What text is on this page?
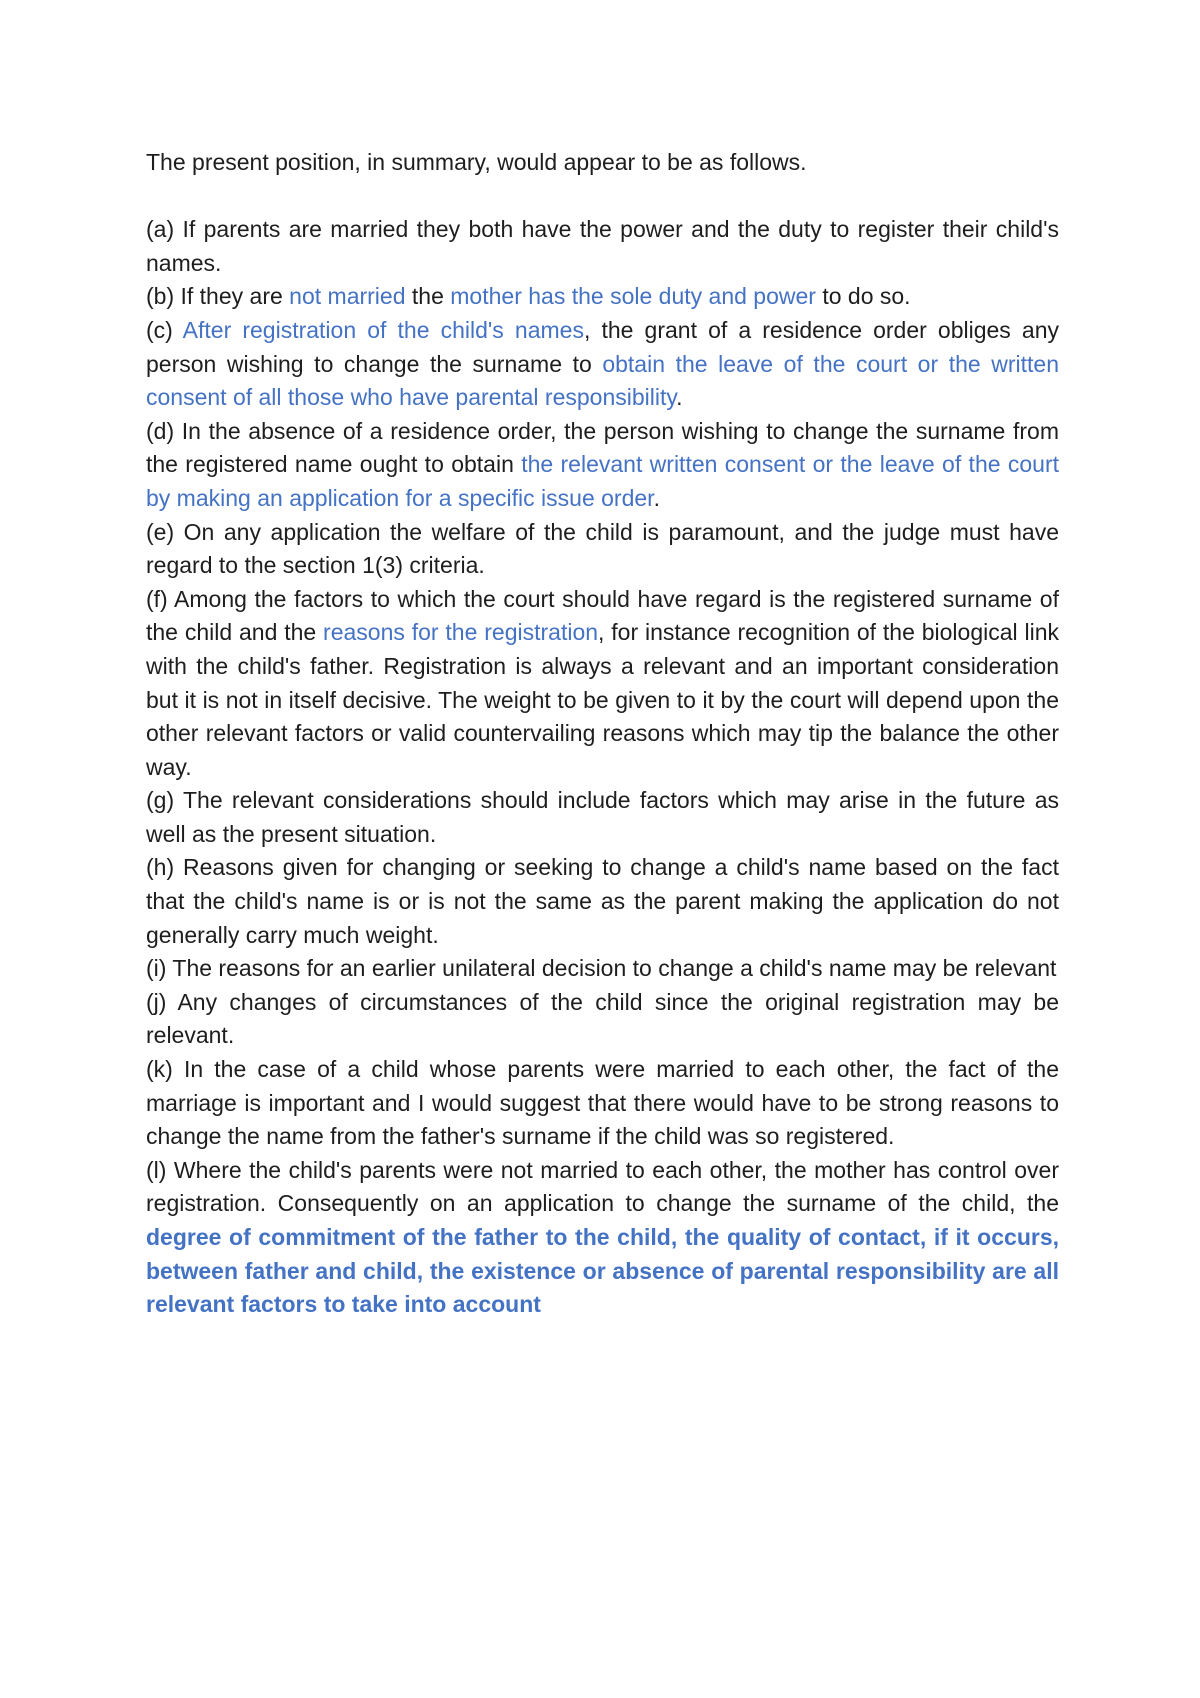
The present position, in summary, would appear to be as follows.

(a) If parents are married they both have the power and the duty to register their child's names.

(b) If they are not married the mother has the sole duty and power to do so.

(c) After registration of the child's names, the grant of a residence order obliges any person wishing to change the surname to obtain the leave of the court or the written consent of all those who have parental responsibility.

(d) In the absence of a residence order, the person wishing to change the surname from the registered name ought to obtain the relevant written consent or the leave of the court by making an application for a specific issue order.

(e) On any application the welfare of the child is paramount, and the judge must have regard to the section 1(3) criteria.

(f) Among the factors to which the court should have regard is the registered surname of the child and the reasons for the registration, for instance recognition of the biological link with the child's father. Registration is always a relevant and an important consideration but it is not in itself decisive. The weight to be given to it by the court will depend upon the other relevant factors or valid countervailing reasons which may tip the balance the other way.

(g) The relevant considerations should include factors which may arise in the future as well as the present situation.

(h) Reasons given for changing or seeking to change a child's name based on the fact that the child's name is or is not the same as the parent making the application do not generally carry much weight.

(i) The reasons for an earlier unilateral decision to change a child's name may be relevant

(j) Any changes of circumstances of the child since the original registration may be relevant.

(k) In the case of a child whose parents were married to each other, the fact of the marriage is important and I would suggest that there would have to be strong reasons to change the name from the father's surname if the child was so registered.

(l) Where the child's parents were not married to each other, the mother has control over registration. Consequently on an application to change the surname of the child, the degree of commitment of the father to the child, the quality of contact, if it occurs, between father and child, the existence or absence of parental responsibility are all relevant factors to take into account
